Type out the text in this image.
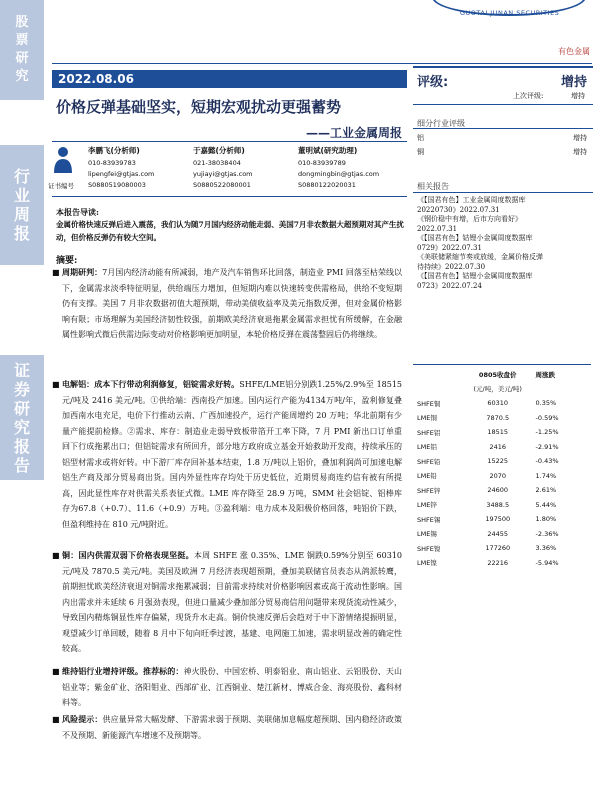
股
票
研
究
行
业
周
报
证
券
研
究
报
告
GUOTAI JUNAN SECURITIES
有色金属
2022.08.06
价格反弹基础坚实，短期宏观扰动更强蓄势
——工业金属周报
评级:	增持
上次评级:	增持
细分行业评级
铝	增持
铜	增持
相关报告
《【国君有色】工业金属周度数据库
20220730》2022.07.31
《钢价稳中有增，后市方向看好》
2022.07.31
《【国君有色】钴锂小金属周度数据库
0729》2022.07.31
《美联储紧缩节奏或放缓，金属价格反弹
待持续》2022.07.30
《【国君有色】钴锂小金属周度数据库
0723》2022.07.24
证书编号
李鹏飞(分析师)
010-83939783
lipengfei@gtjas.com
S0880519080003
于嘉懿(分析师)
021-38038404
yujiayi@gtjas.com
S0880522080001
董明斌(研究助理)
010-83939789
dongmingbin@gtjas.com
S0880122020031
本报告导读:
金属价格快速反弹后进入震荡，我们认为随7月国内经济动能走弱、美国7月非农数据大超预期对其产生扰动，但价格反弹仍有较大空间。
摘要:
■ 周期研判：7月国内经济动能有所减弱，地产及汽车销售环比回落，制造业 PMI 回落至枯荣线以下，金属需求淡季特征明显，供给端压力增加，但短期内难以快速转变供需格局，供给不变短期仍有支撑。美国 7 月非农数据初值大超预期，带动美债收益率及美元指数反弹，但对金属价格影响有限；市场理解为美国经济韧性较强，前期欧美经济衰退拖累金属需求担忧有所缓解，在金融属性影响式微后供需边际变动对价格影响更加明显，本轮价格反弹在震荡整固后仍将继续。
■ 电解铝：成本下行带动利润修复，铝锭需求好转。SHFE/LME铝分别跌1.25%/2.9%至 18515 元/吨及 2416 美元/吨。①供给端：西南投产加速。国内运行产能为4134万吨/年，盈利修复叠加西南水电充足，电价下行推动云南、广西加速投产，运行产能周增约 20 万吨；华北前期有少量产能提前检修。②需求、库存：制造业走弱导致板带箔开工率下降，7 月 PMI 新出口订单重回下行成拖累出口；但铝锭需求有所回升，部分地方政府成立基金开始救助开发商，持续承压的铝型材需求或将好转。中下游厂库存回补基本结束，1.8 万/吨以上铝价，叠加利润尚可加速电解铝生产商及部分贸易商出货。国内外显性库存均处于历史低位，近期贸易商连约信有被有所提高，因此显性库存对供需关系表征式微。LME 库存降至 28.9 万吨，SMM 社会铝锭、铝棒库存为67.8（+0.7）、11.6（+0.9）万吨。③盈利端：电力成本及阳极价格回落，吨铝价下跌，但盈利维持在 810 元/吨附近。
■ 铜：国内供需双弱下价格表现坚挺。本周 SHFE 涨 0.35%、LME 铜跌0.59%分别至 60310元/吨及 7870.5 美元/吨。美国及欧洲 7 月经济表现超预期，叠加美联储官员表态从鸽派转鹰，前期担忧欧美经济衰退对铜需求拖累减弱；目前需求持续对价格影响因素或高于流动性影响。国内出需求并未延续 6 月强劲表现，但进口量减少叠加部分贸易商信用问题带来现货流动性减少，导致国内精炼铜显性库存偏紧，现货升水走高。铜价快速反弹后会趋对于中下游情绪提振明显，观望减少订单回暖，随着 8 月中下旬向旺季过渡，基建、电网施工加速，需求明显改善的确定性较高。
■ 维持铝行业增持评级。推荐标的：神火股份、中国宏桥、明泰铝业、南山铝业、云铝股份、天山铝业等；紫金矿业、洛阳钼业、西部矿业、江西铜业、楚江新材、博威合金、海亮股份、鑫科材料等。
■ 风险提示：供应量异常大幅发酵、下游需求弱于预期、美联储加息幅度超预期、国内稳经济政策不及预期、新能源汽车增速不及预期等。
	0805收盘价	周涨跌
	(元/吨，美元/吨)	
SHFE铜	60310	0.35%
LME铜	7870.5	-0.59%
SHFE铝	18515	-1.25%
LME铝	2416	-2.91%
SHFE铅	15225	-0.43%
LME铅	2070	1.74%
SHFE锌	24600	2.61%
LME锌	3488.5	5.44%
SHFE锡	197500	1.80%
LME锡	24455	-2.36%
SHFE镍	177260	3.36%
LME镍	22216	-5.94%
